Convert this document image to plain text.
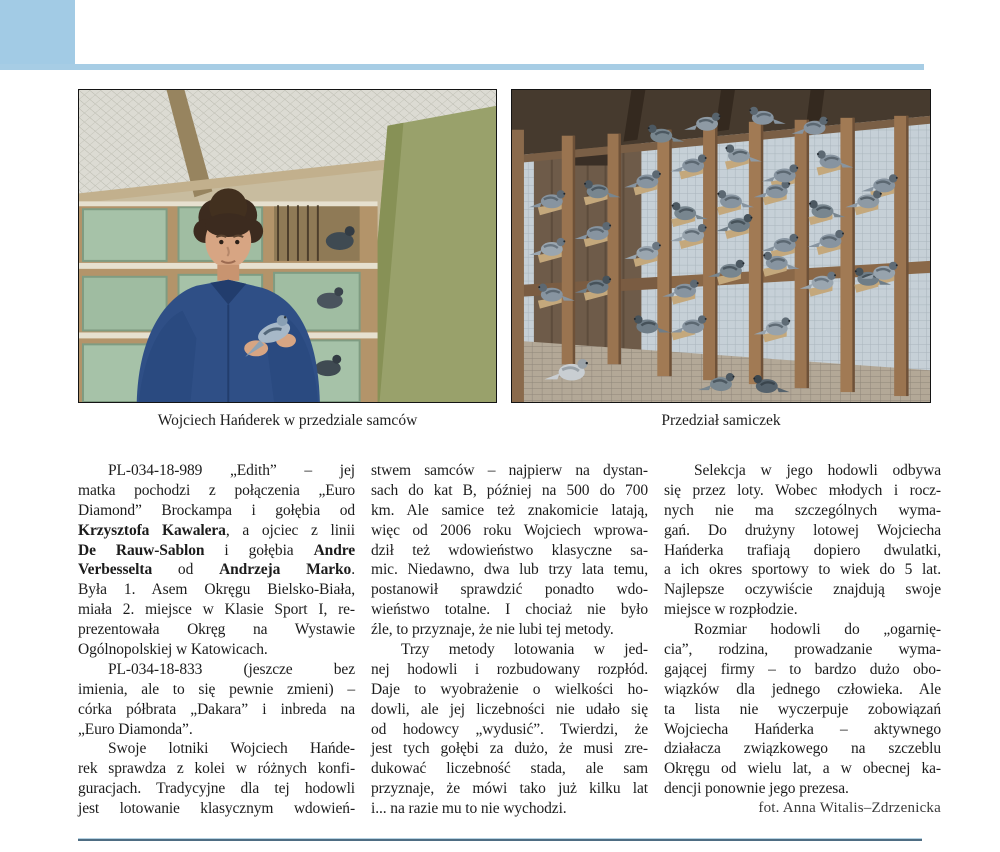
Wojciech Hańderek w przedziale samców	Przedział samiczek
PL-034-18-989 „Edith” – jej
matka pochodzi z połączenia „Euro
Diamond” Brockampa i gołębia od
Krzysztofa Kawalera, a ojciec z linii
De Rauw-Sablon i gołębia Andre
Verbesselta od Andrzeja Marko.
Była 1. Asem Okręgu Bielsko-Biała,
miała 2. miejsce w Klasie Sport I, re-
prezentowała Okręg na Wystawie
Ogólnopolskiej w Katowicach.
PL-034-18-833 (jeszcze bez
imienia, ale to się pewnie zmieni) –
córka półbrata „Dakara” i inbreda na
„Euro Diamonda”.
Swoje lotniki Wojciech Hańde-
rek sprawdza z kolei w różnych konfi-
guracjach. Tradycyjne dla tej hodowli
jest lotowanie klasycznym wdowień-
stwem samców – najpierw na dystan-
sach do kat B, później na 500 do 700
km. Ale samice też znakomicie latają,
więc od 2006 roku Wojciech wprowa-
dził też wdowieństwo klasyczne sa-
mic. Niedawno, dwa lub trzy lata temu,
postanowił sprawdzić ponadto wdo-
wieństwo totalne. I chociaż nie było
źle, to przyznaje, że nie lubi tej metody.
Trzy metody lotowania w jed-
nej hodowli i rozbudowany rozpłód.
Daje to wyobrażenie o wielkości ho-
dowli, ale jej liczebności nie udało się
od hodowcy „wydusić”. Twierdzi, że
jest tych gołębi za dużo, że musi zre-
dukować liczebność stada, ale sam
przyznaje, że mówi tako już kilku lat
i... na razie mu to nie wychodzi.
Selekcja w jego hodowli odbywa
się przez loty. Wobec młodych i rocz-
nych nie ma szczególnych wyma-
gań. Do drużyny lotowej Wojciecha
Hańderka trafiają dopiero dwulatki,
a ich okres sportowy to wiek do 5 lat.
Najlepsze oczywiście znajdują swoje
miejsce w rozpłodzie.
Rozmiar hodowli do „ogarnię-
cia”, rodzina, prowadzanie wyma-
gającej firmy – to bardzo dużo obo-
wiązków dla jednego człowieka. Ale
ta lista nie wyczerpuje zobowiązań
Wojciecha Hańderka – aktywnego
działacza związkowego na szczeblu
Okręgu od wielu lat, a w obecnej ka-
dencji ponownie jego prezesa.
fot. Anna Witalis–Zdrzenicka
